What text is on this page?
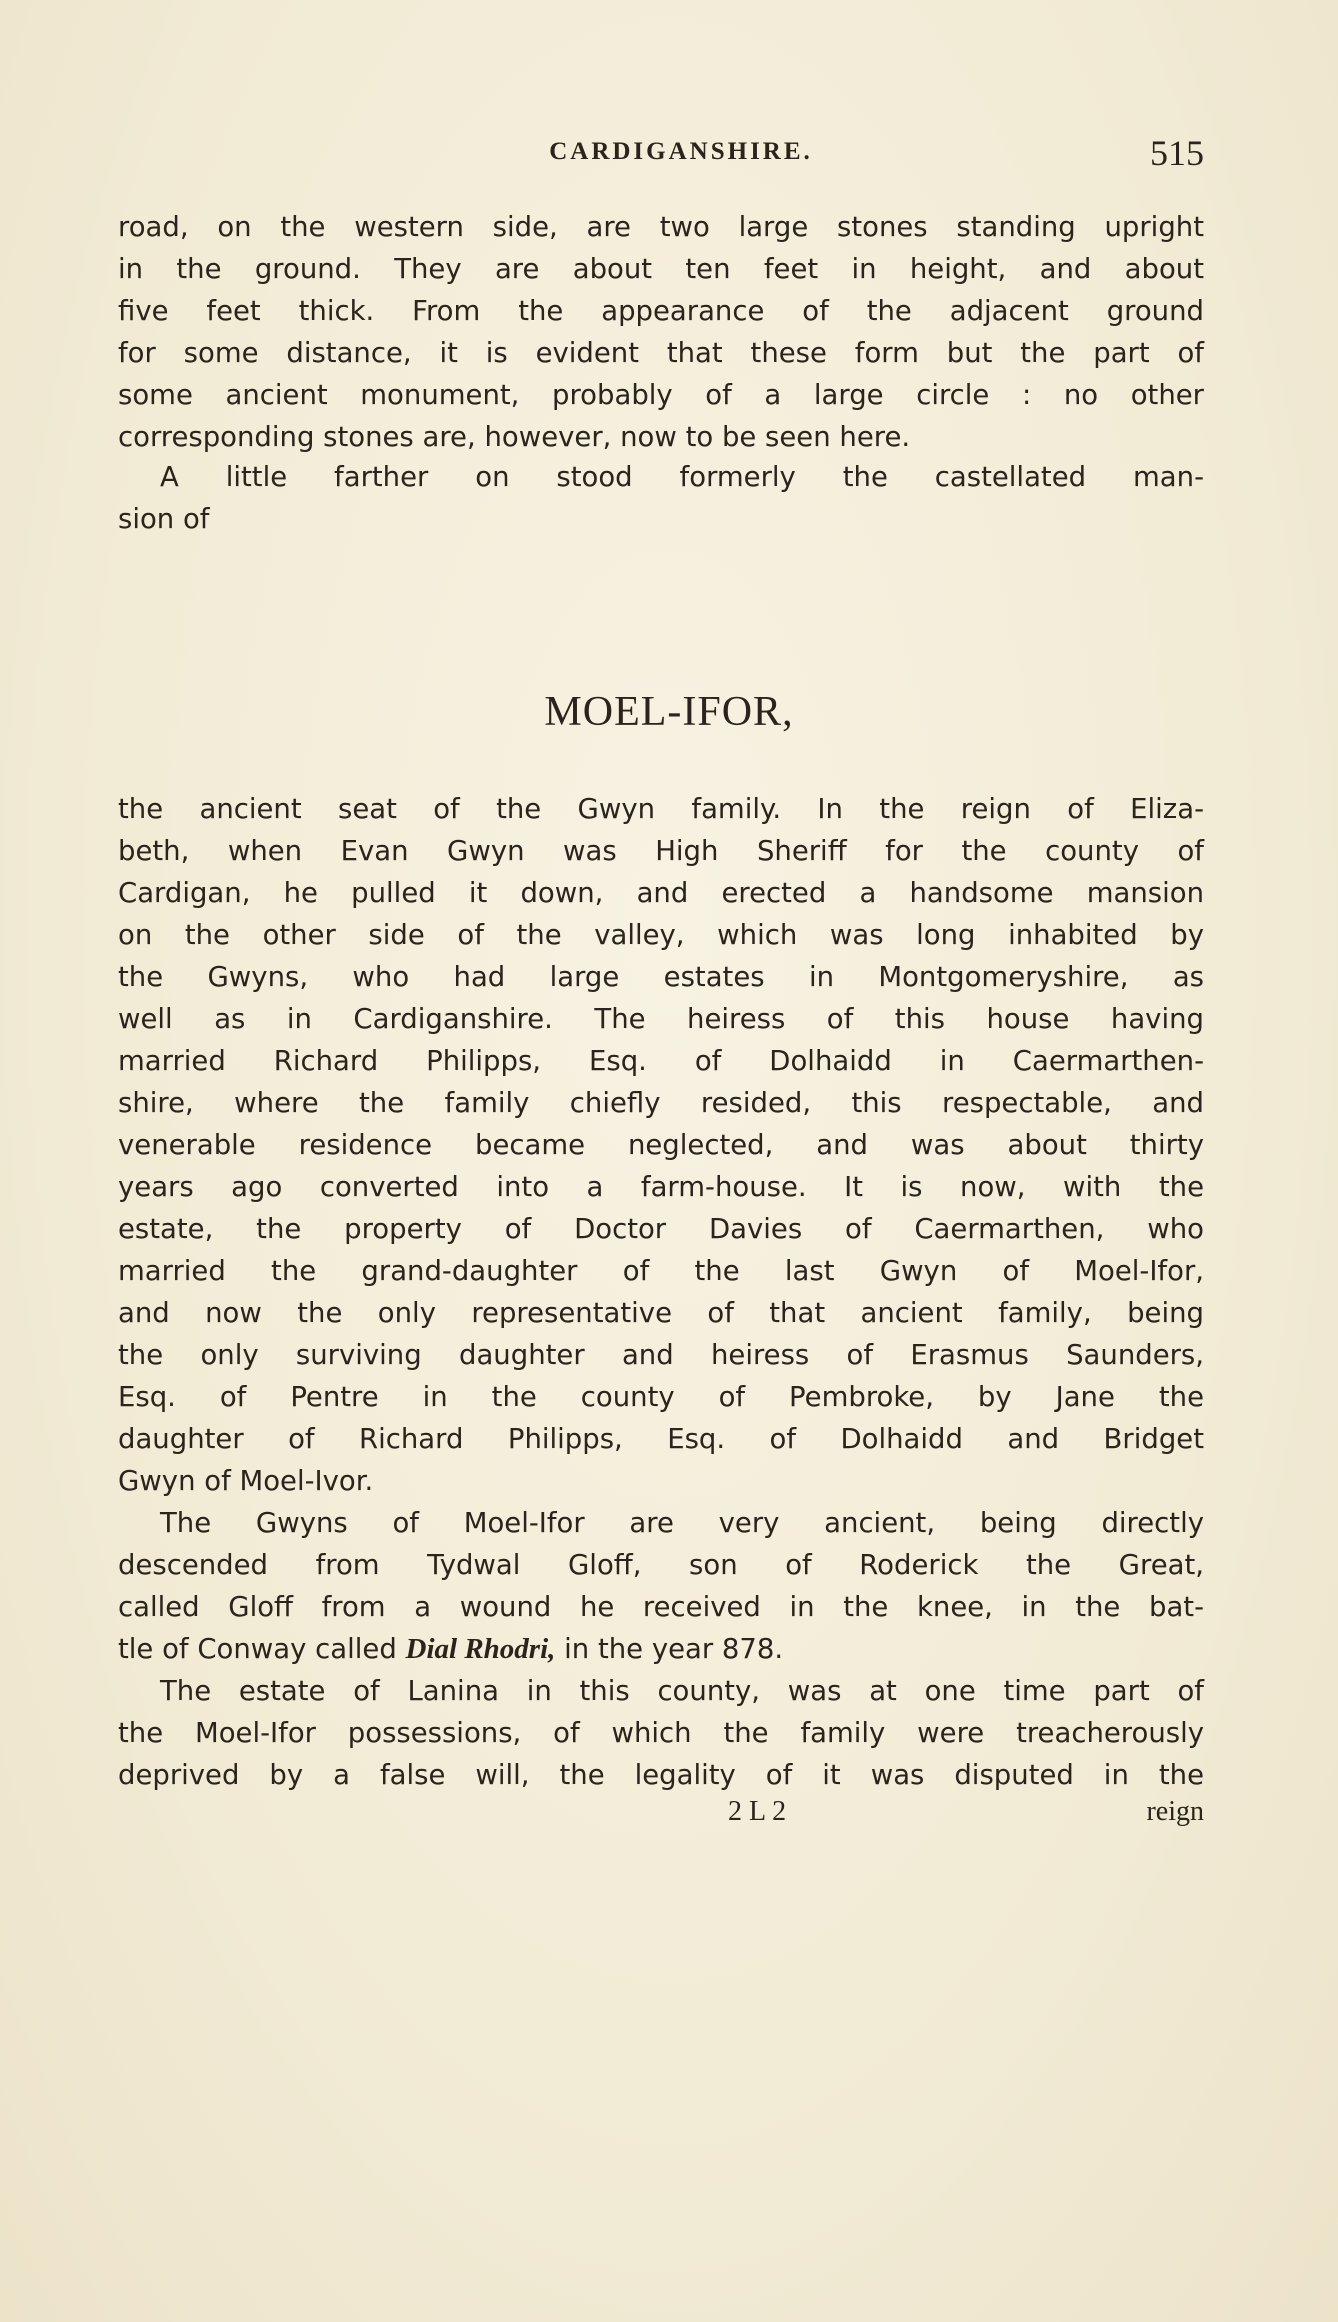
CARDIGANSHIRE.	515
road, on the western side, are two large stones standing upright
in the ground. They are about ten feet in height, and about
five feet thick. From the appearance of the adjacent ground
for some distance, it is evident that these form but the part of
some ancient monument, probably of a large circle : no other
corresponding stones are, however, now to be seen here.
A little farther on stood formerly the castellated man-
sion of
MOEL-IFOR,
the ancient seat of the Gwyn family. In the reign of Eliza-
beth, when Evan Gwyn was High Sheriff for the county of
Cardigan, he pulled it down, and erected a handsome mansion
on the other side of the valley, which was long inhabited by
the Gwyns, who had large estates in Montgomeryshire, as
well as in Cardiganshire. The heiress of this house having
married Richard Philipps, Esq. of Dolhaidd in Caermarthen-
shire, where the family chiefly resided, this respectable, and
venerable residence became neglected, and was about thirty
years ago converted into a farm-house. It is now, with the
estate, the property of Doctor Davies of Caermarthen, who
married the grand-daughter of the last Gwyn of Moel-Ifor,
and now the only representative of that ancient family, being
the only surviving daughter and heiress of Erasmus Saunders,
Esq. of Pentre in the county of Pembroke, by Jane the
daughter of Richard Philipps, Esq. of Dolhaidd and Bridget
Gwyn of Moel-Ivor.
The Gwyns of Moel-Ifor are very ancient, being directly
descended from Tydwal Gloff, son of Roderick the Great,
called Gloff from a wound he received in the knee, in the bat-
tle of Conway called Dial Rhodri, in the year 878.
The estate of Lanina in this county, was at one time part of
the Moel-Ifor possessions, of which the family were treacherously
deprived by a false will, the legality of it was disputed in the
2 L 2	reign
